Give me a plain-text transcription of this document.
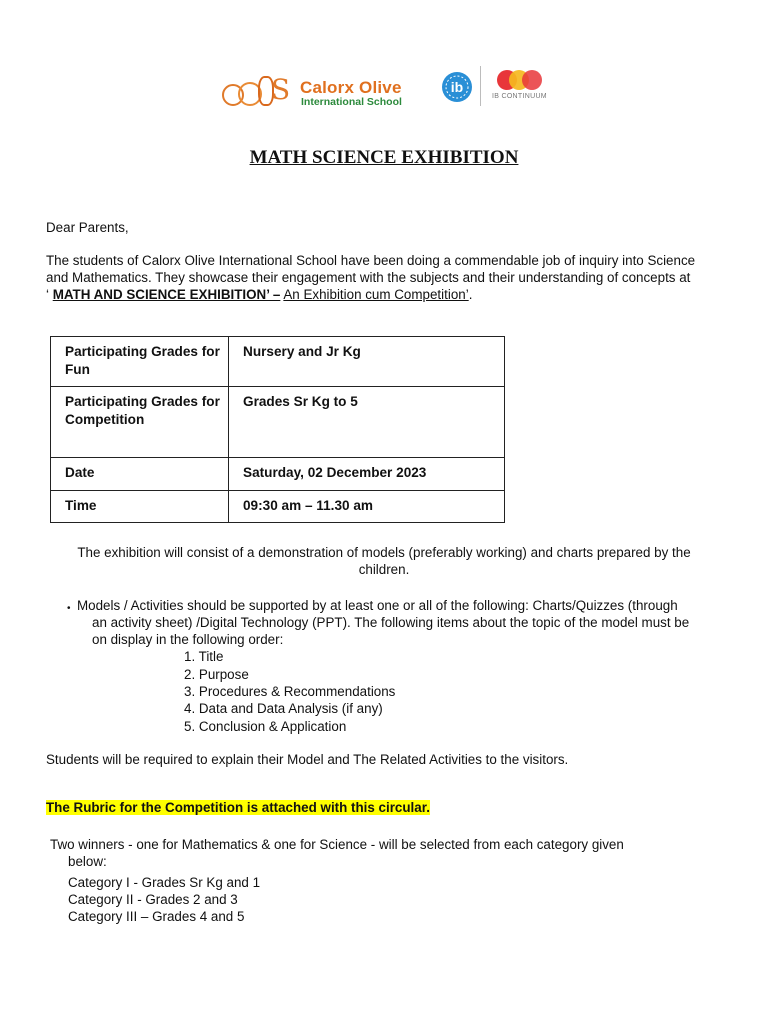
S Calorx Olive
International School
ib
IB CONTINUUM
MATH SCIENCE EXHIBITION

Dear Parents,

The students of Calorx Olive International School have been doing a commendable job of inquiry into Science

and Mathematics. They showcase their engagement with the subjects and their understanding of concepts at

‘ MATH AND SCIENCE EXHIBITION’ – An Exhibition cum Competition’.

Participating Grades for Fun	Nursery and Jr Kg
Participating Grades for Competition	Grades Sr Kg to 5
Date	Saturday, 02 December 2023
Time	09:30 am – 11.30 am

The exhibition will consist of a demonstration of models (preferably working) and charts prepared by the

children.

• Models / Activities should be supported by at least one or all of the following: Charts/Quizzes (through

an activity sheet) /Digital Technology (PPT). The following items about the topic of the model must be

on display in the following order:

1. Title

2. Purpose

3. Procedures & Recommendations

4. Data and Data Analysis (if any)

5. Conclusion & Application

Students will be required to explain their Model and The Related Activities to the visitors.

The Rubric for the Competition is attached with this circular.

Two winners - one for Mathematics & one for Science - will be selected from each category given

below:

Category I - Grades Sr Kg and 1

Category II - Grades 2 and 3

Category III – Grades 4 and 5
